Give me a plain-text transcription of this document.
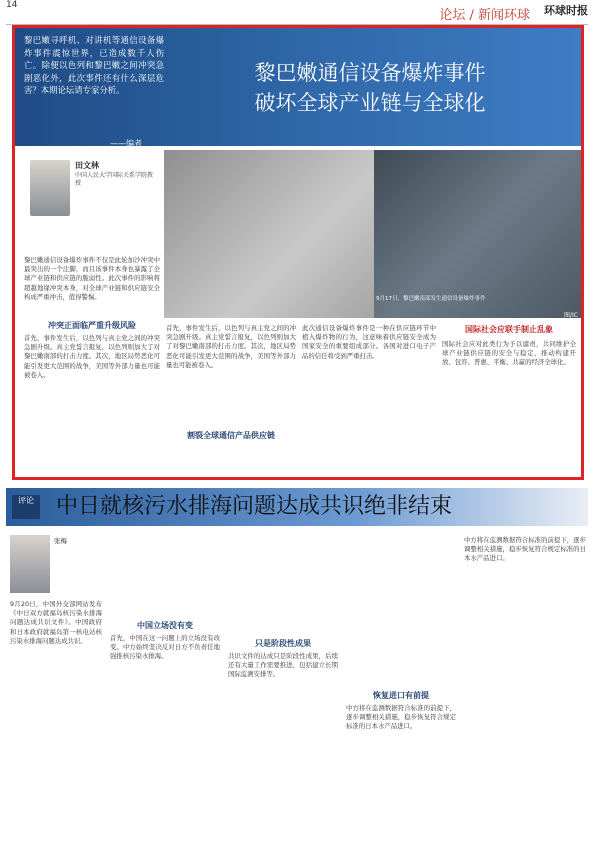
14
论坛 / 新闻环球 环球时报
黎巴嫩寻呼机、对讲机等通信设备爆炸事件震惊世界，已造成数千人伤亡。除便以色列和黎巴嫩之间冲突急剧恶化外，此次事件还有什么深层危害？本期论坛请专家分析。
——编者
黎巴嫩通信设备爆炸事件
破坏全球产业链与全球化
9月17日，黎巴嫩南部发生通信设备爆炸事件
图/IC
田文林
中国人民大学国际关系学院教授
黎巴嫩通信设备爆炸事件不仅是此轮加沙冲突中最突出的一个注脚，而且该事件本身也暴露了全球产业链和供应链的脆弱性。此次事件的影响将超越地缘冲突本身，对全球产业链和供应链安全构成严重冲击，值得警惕。
冲突正面临严重升级风险
首先，事件发生后，以色列与真主党之间的冲突急剧升级。真主党誓言报复，以色列则加大了对黎巴嫩南部的打击力度。其次，地区局势恶化可能引发更大范围的战争，美国等外部力量也可能被卷入。
首先，事件发生后，以色列与真主党之间的冲突急剧升级。真主党誓言报复，以色列则加大了对黎巴嫩南部的打击力度。其次，地区局势恶化可能引发更大范围的战争，美国等外部力量也可能被卷入。
割裂全球通信产品供应链
此次通信设备爆炸事件是一种在供应链环节中植入爆炸物的行为，这意味着供应链安全成为国家安全的重要组成部分。各国对进口电子产品的信任将受到严重打击。
国际社会应联手制止乱象
国际社会应对此类行为予以谴责，共同维护全球产业链供应链的安全与稳定，推动构建开放、包容、普惠、平衡、共赢的经济全球化。
评论 中日就核污水排海问题达成共识绝非结束
张梅
9月20日，中国外交部网站发布《中日双方就福岛核污染水排海问题达成共识文件》。中国政府和日本政府就福岛第一核电站核污染水排海问题达成共识。
中国立场没有变
首先，中国在这一问题上的立场没有改变。中方始终坚决反对日方不负责任地强推核污染水排海。
只是阶段性成果
共识文件的达成只是阶段性成果，后续还有大量工作需要推进，包括建立长期国际监测安排等。
恢复进口有前提
中方将在监测数据符合标准的前提下，逐步调整相关措施，稳步恢复符合规定标准的日本水产品进口。
中方将在监测数据符合标准的前提下，逐步调整相关措施，稳步恢复符合规定标准的日本水产品进口。
